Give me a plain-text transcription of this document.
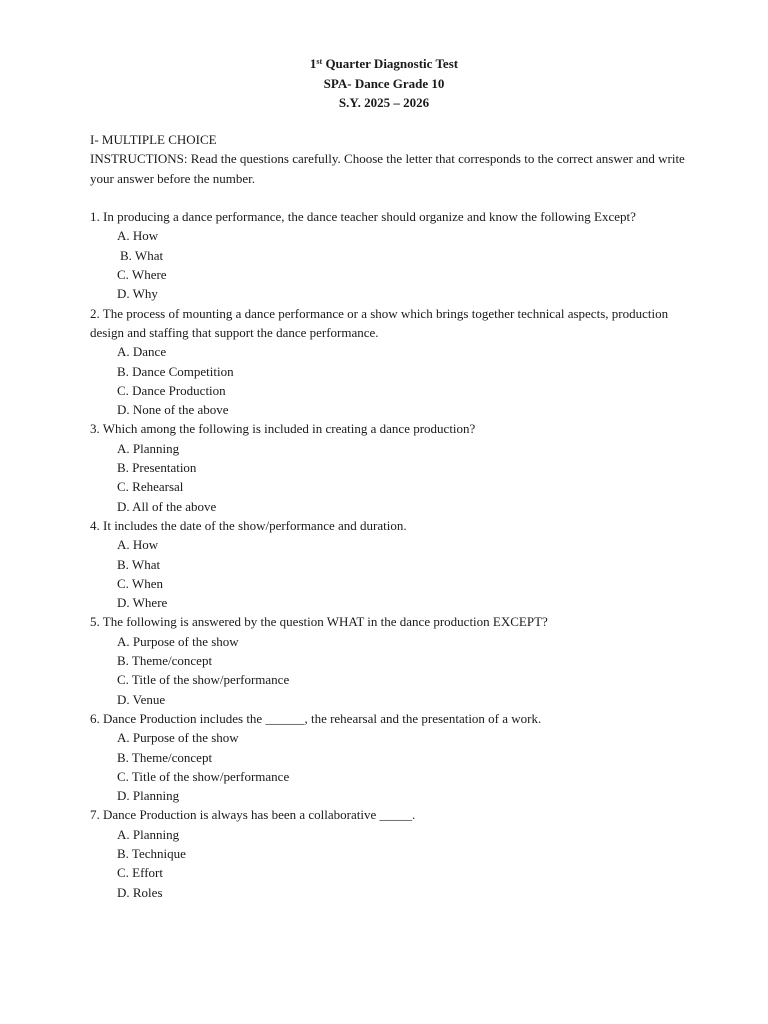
1st Quarter Diagnostic Test
SPA- Dance Grade 10
S.Y. 2025 – 2026
I- MULTIPLE CHOICE
INSTRUCTIONS: Read the questions carefully. Choose the letter that corresponds to the correct answer and write your answer before the number.
1. In producing a dance performance, the dance teacher should organize and know the following Except?
A. How
B. What
C. Where
D. Why
2. The process of mounting a dance performance or a show which brings together technical aspects, production design and staffing that support the dance performance.
A. Dance
B. Dance Competition
C. Dance Production
D. None of the above
3. Which among the following is included in creating a dance production?
A. Planning
B. Presentation
C. Rehearsal
D. All of the above
4. It includes the date of the show/performance and duration.
A. How
B. What
C. When
D. Where
5. The following is answered by the question WHAT in the dance production EXCEPT?
A. Purpose of the show
B. Theme/concept
C. Title of the show/performance
D. Venue
6. Dance Production includes the ______, the rehearsal and the presentation of a work.
A. Purpose of the show
B. Theme/concept
C. Title of the show/performance
D. Planning
7. Dance Production is always has been a collaborative _____.
A. Planning
B. Technique
C. Effort
D. Roles
